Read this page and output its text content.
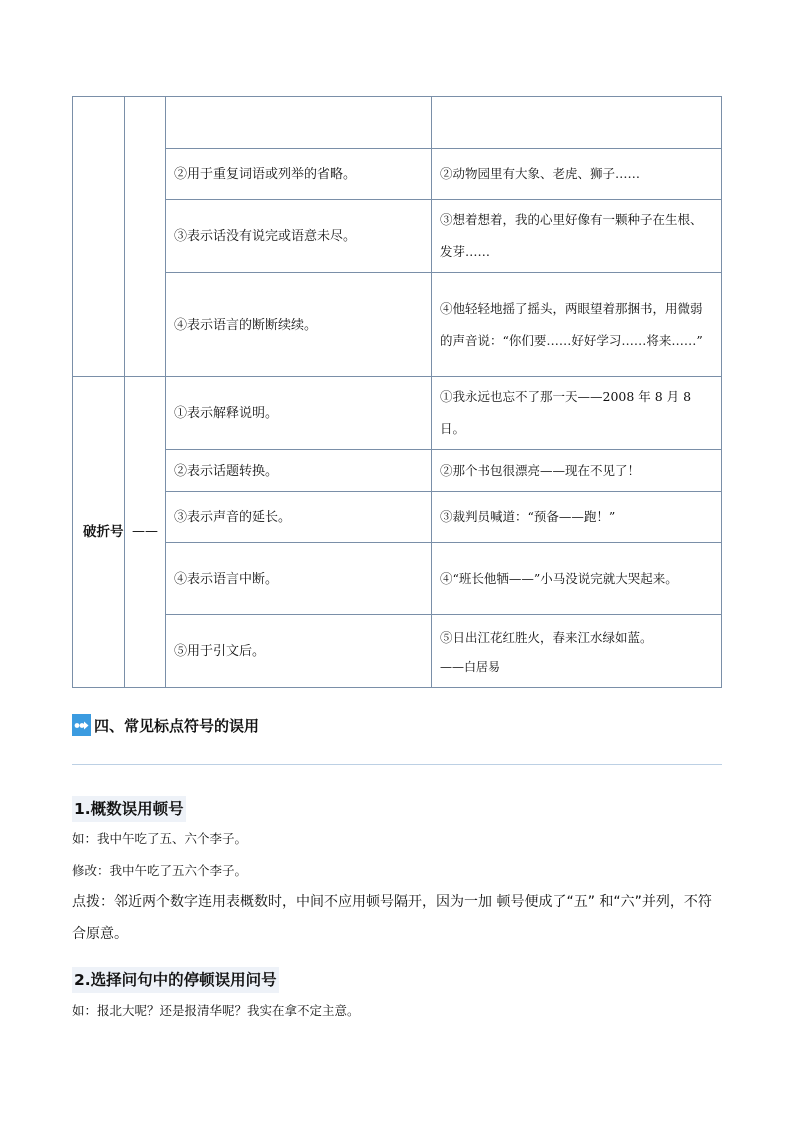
		②用于重复词语或列举的省略。	②动物园里有大象、老虎、狮子……
		③表示话没有说完或语意未尽。	③想着想着，我的心里好像有一颗种子在生根、发芽……
		④表示语言的断断续续。	④他轻轻地摇了摇头，两眼望着那捆书，用微弱的声音说：“你们要……好好学习……将来……”
破折号	——	①表示解释说明。	①我永远也忘不了那一天——2008 年 8 月 8 日。
		②表示话题转换。	②那个书包很漂亮——现在不见了！
		③表示声音的延长。	③裁判员喊道：“预备——跑！”
		④表示语言中断。	④“班长他牺——”小马没说完就大哭起来。
		⑤用于引文后。	⑤日出江花红胜火，春来江水绿如蓝。
——白居易
四、常见标点符号的误用
1.概数误用顿号
如：我中午吃了五、六个李子。
修改：我中午吃了五六个李子。
点拨：邻近两个数字连用表概数时，中间不应用顿号隔开，因为一加 顿号便成了“五” 和“六”并列，不符合原意。
2.选择问句中的停顿误用问号
如：报北大呢？还是报清华呢？我实在拿不定主意。
